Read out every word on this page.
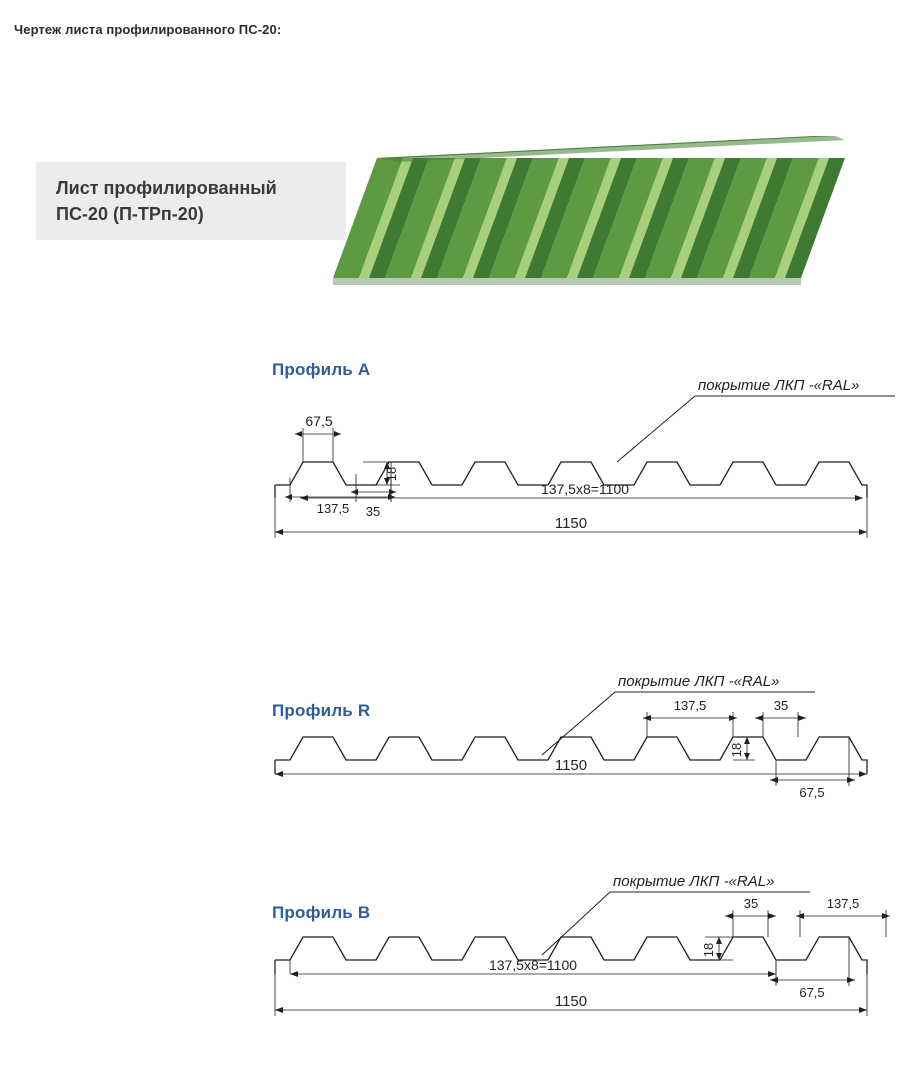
Чертеж листа профилированного ПС-20:
Лист профилированный
ПС-20 (П-ТРп-20)
Профиль А
67,5
137,5 35
18
137,5х8=1100
1150
покрытие ЛКП -«RAL»
Профиль R	137,5	35
18
67,5
1150
покрытие ЛКП -«RAL»
Профиль В	35	137,5
18
67,5
137,5х8=1100
1150
покрытие ЛКП -«RAL»
